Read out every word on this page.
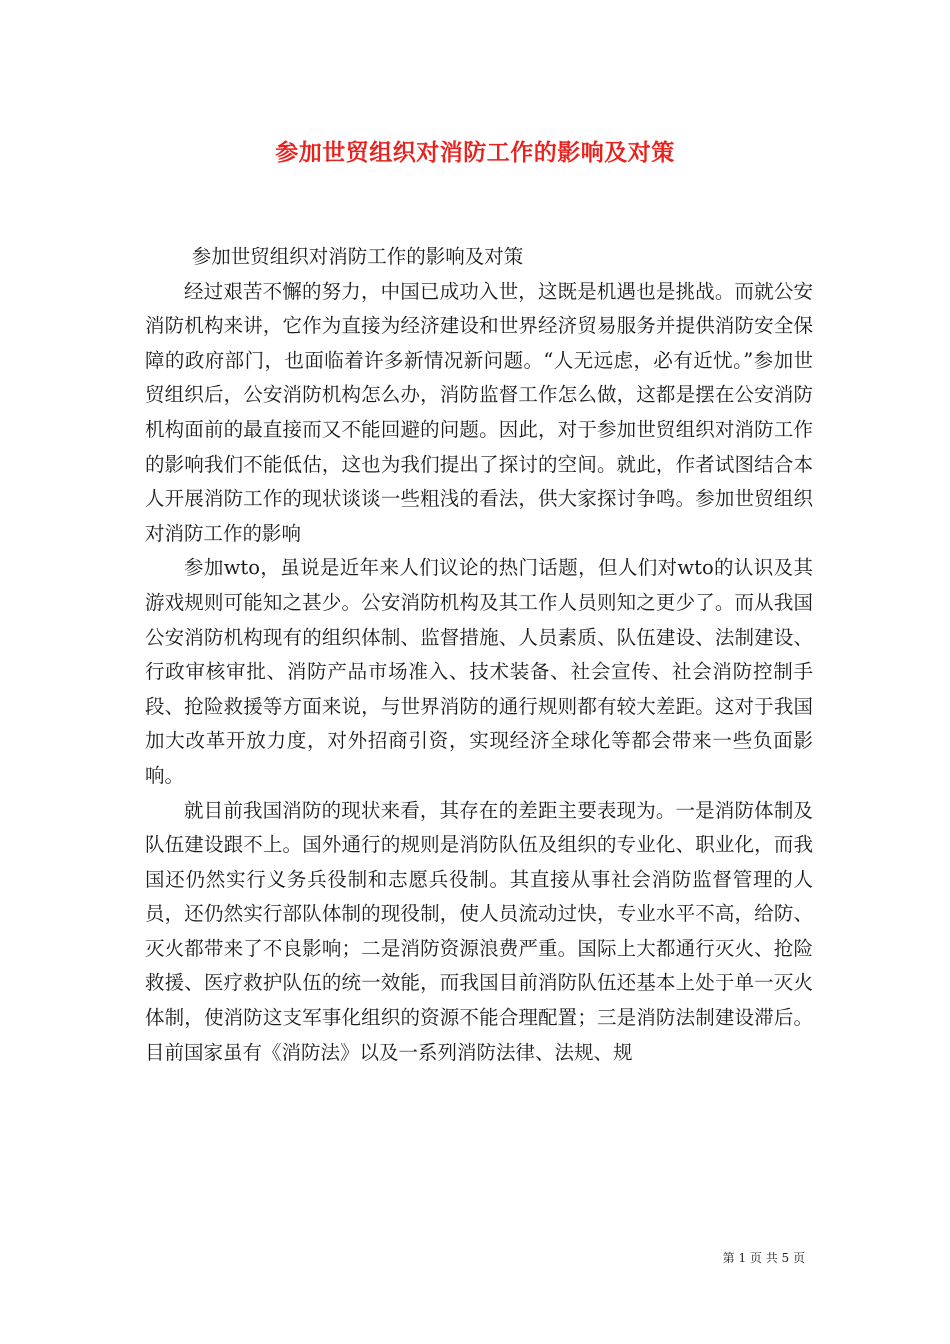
参加世贸组织对消防工作的影响及对策

参加世贸组织对消防工作的影响及对策

经过艰苦不懈的努力，中国已成功入世，这既是机遇也是挑战。而就公安消防机构来讲，它作为直接为经济建设和世界经济贸易服务并提供消防安全保障的政府部门，也面临着许多新情况新问题。“人无远虑，必有近忧。”参加世贸组织后，公安消防机构怎么办，消防监督工作怎么做，这都是摆在公安消防机构面前的最直接而又不能回避的问题。因此，对于参加世贸组织对消防工作的影响我们不能低估，这也为我们提出了探讨的空间。就此，作者试图结合本人开展消防工作的现状谈谈一些粗浅的看法，供大家探讨争鸣。参加世贸组织对消防工作的影响

参加wto，虽说是近年来人们议论的热门话题，但人们对wto的认识及其游戏规则可能知之甚少。公安消防机构及其工作人员则知之更少了。而从我国公安消防机构现有的组织体制、监督措施、人员素质、队伍建设、法制建设、行政审核审批、消防产品市场准入、技术装备、社会宣传、社会消防控制手段、抢险救援等方面来说，与世界消防的通行规则都有较大差距。这对于我国加大改革开放力度，对外招商引资，实现经济全球化等都会带来一些负面影响。

就目前我国消防的现状来看，其存在的差距主要表现为。一是消防体制及队伍建设跟不上。国外通行的规则是消防队伍及组织的专业化、职业化，而我国还仍然实行义务兵役制和志愿兵役制。其直接从事社会消防监督管理的人员，还仍然实行部队体制的现役制，使人员流动过快，专业水平不高，给防、灭火都带来了不良影响；二是消防资源浪费严重。国际上大都通行灭火、抢险救援、医疗救护队伍的统一效能，而我国目前消防队伍还基本上处于单一灭火体制，使消防这支军事化组织的资源不能合理配置；三是消防法制建设滞后。目前国家虽有《消防法》以及一系列消防法律、法规、规

第 1 页 共 5 页
